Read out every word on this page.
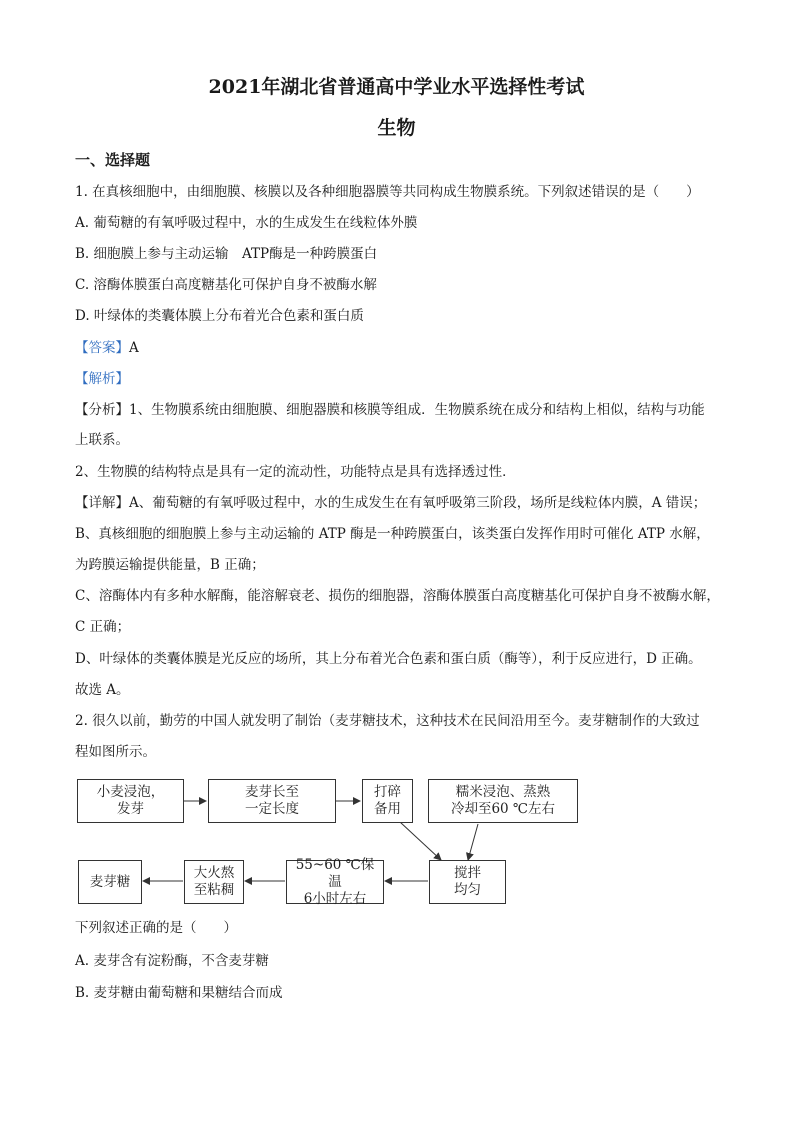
2021年湖北省普通高中学业水平选择性考试
生物
一、选择题
1. 在真核细胞中，由细胞膜、核膜以及各种细胞器膜等共同构成生物膜系统。下列叙述错误的是（　　）
A. 葡萄糖的有氧呼吸过程中，水的生成发生在线粒体外膜
B. 细胞膜上参与主动运输　ATP酶是一种跨膜蛋白
C. 溶酶体膜蛋白高度糖基化可保护自身不被酶水解
D. 叶绿体的类囊体膜上分布着光合色素和蛋白质
【答案】A
【解析】
【分析】1、生物膜系统由细胞膜、细胞器膜和核膜等组成．生物膜系统在成分和结构上相似，结构与功能
上联系。
2、生物膜的结构特点是具有一定的流动性，功能特点是具有选择透过性．
【详解】A、葡萄糖的有氧呼吸过程中，水的生成发生在有氧呼吸第三阶段，场所是线粒体内膜，A 错误；
B、真核细胞的细胞膜上参与主动运输的 ATP 酶是一种跨膜蛋白，该类蛋白发挥作用时可催化 ATP 水解，
为跨膜运输提供能量，B 正确；
C、溶酶体内有多种水解酶，能溶解衰老、损伤的细胞器，溶酶体膜蛋白高度糖基化可保护自身不被酶水解，
C 正确；
D、叶绿体的类囊体膜是光反应的场所，其上分布着光合色素和蛋白质（酶等），利于反应进行，D 正确。
故选 A。
2. 很久以前，勤劳的中国人就发明了制饴（麦芽糖技术，这种技术在民间沿用至今。麦芽糖制作的大致过
程如图所示。
小麦浸泡，
发芽
麦芽长至
一定长度
打碎
备用
糯米浸泡、蒸熟
冷却至60 ℃左右
搅拌
均匀
55~60 ℃保温
6小时左右
大火熬
至粘稠
麦芽糖
下列叙述正确的是（　　）
A. 麦芽含有淀粉酶，不含麦芽糖
B. 麦芽糖由葡萄糖和果糖结合而成
